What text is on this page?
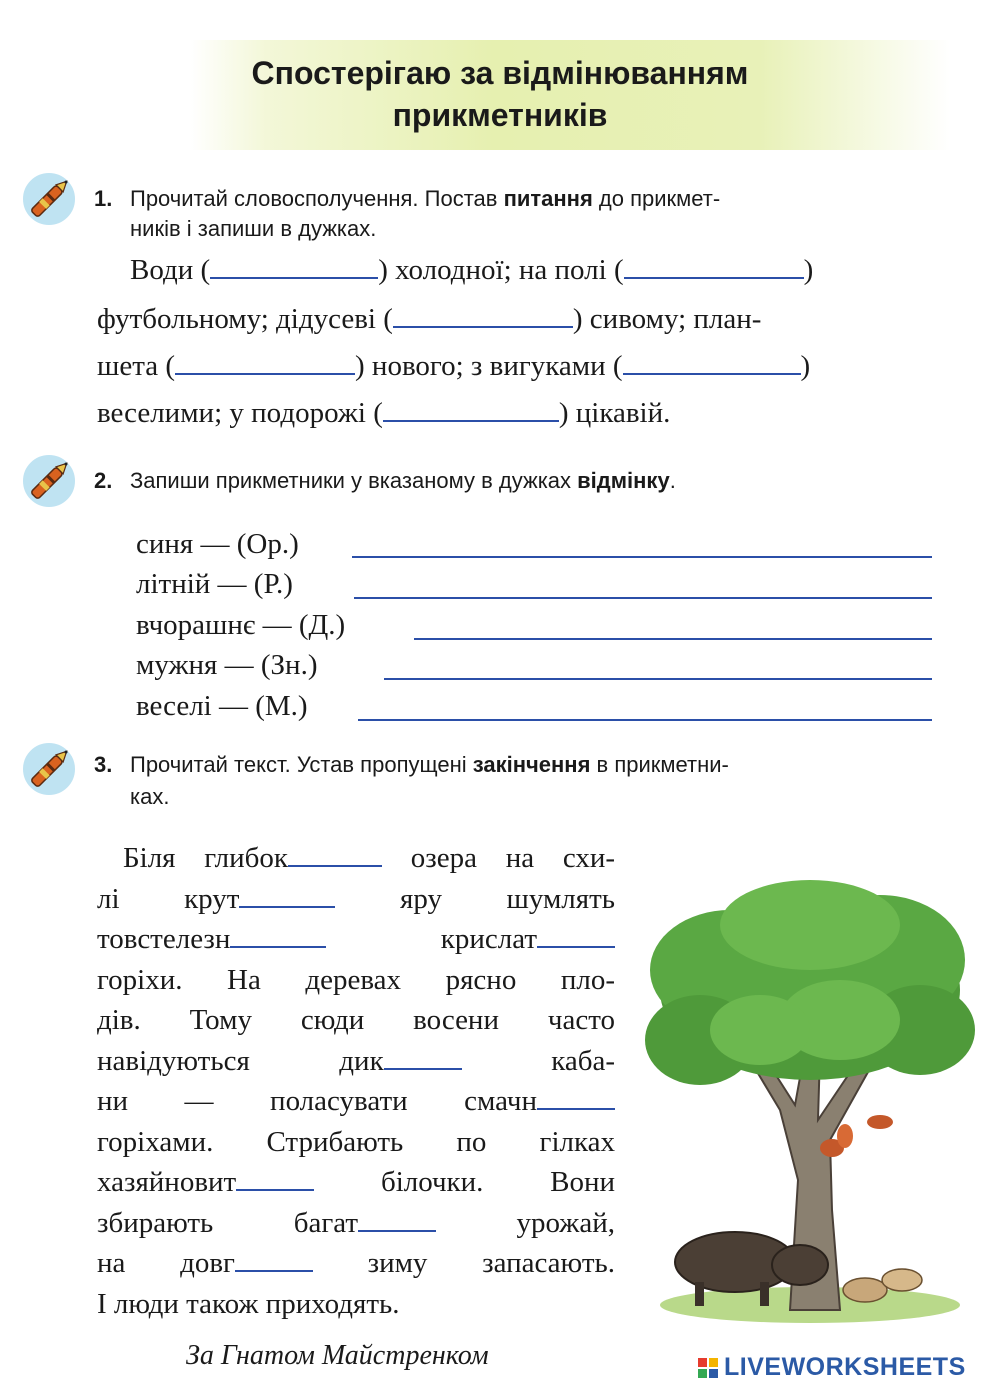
Спостерігаю за відмінюванням
прикметників
1. Прочитай словосполучення. Постав питання до прикмет-
ників і запиши в дужках.
Води (	) холодної; на полі (	)
футбольному; дідусеві (	) сивому; план-
шета (	) нового; з вигуками (	)
веселими; у подорожі (	) цікавій.
2. Запиши прикметники у вказаному в дужках відмінку.
синя — (Ор.)
літній — (Р.)
вчорашнє — (Д.)
мужня — (Зн.)
веселі — (М.)
3. Прочитай текст. Устав пропущені закінчення в прикметни-
ках.
Біля глибок	озера на схи-
лі крут	яру шумлять
товстелезн	крислат
горіхи. На деревах рясно пло-
дів. Тому сюди восени часто
навідуються дик	каба-
ни — поласувати смачн
горіхами. Стрибають по гілках
хазяйновит	білочки. Вони
збирають багат	урожай,
на довг	зиму запасають.
І люди також приходять.
За Гнатом Майстренком	LIVEWORKSHEETS
